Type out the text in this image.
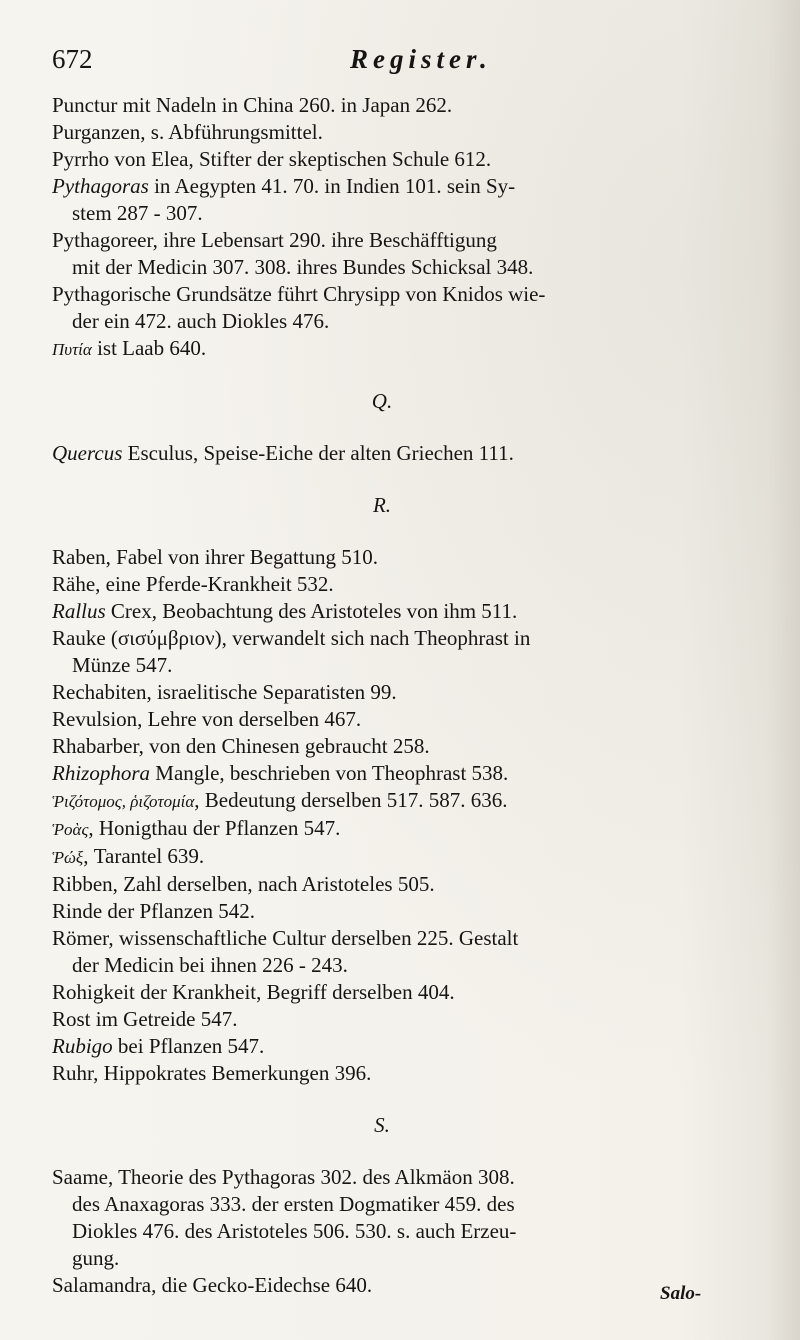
672	Register.

Punctur mit Nadeln in China 260. in Japan 262.

Purganzen, s. Abführungsmittel.

Pyrrho von Elea, Stifter der skeptischen Schule 612.

Pythagoras in Aegypten 41. 70. in Indien 101. sein Sy-
stem 287 - 307.

Pythagoreer, ihre Lebensart 290. ihre Beschäfftigung
mit der Medicin 307. 308. ihres Bundes Schicksal 348.

Pythagorische Grundsätze führt Chrysipp von Knidos wie-
der ein 472. auch Diokles 476.

Πυτία ist Laab 640.

Q.

Quercus Esculus, Speise-Eiche der alten Griechen 111.

R.

Raben, Fabel von ihrer Begattung 510.

Rähe, eine Pferde-Krankheit 532.

Rallus Crex, Beobachtung des Aristoteles von ihm 511.

Rauke (σισύμβριον), verwandelt sich nach Theophrast in
Münze 547.

Rechabiten, israelitische Separatisten 99.

Revulsion, Lehre von derselben 467.

Rhabarber, von den Chinesen gebraucht 258.

Rhizophora Mangle, beschrieben von Theophrast 538.

Ῥιζότομος, ῥιζοτομία, Bedeutung derselben 517. 587. 636.

Ῥοὰς, Honigthau der Pflanzen 547.

Ῥώξ, Tarantel 639.

Ribben, Zahl derselben, nach Aristoteles 505.

Rinde der Pflanzen 542.

Römer, wissenschaftliche Cultur derselben 225. Gestalt
der Medicin bei ihnen 226 - 243.

Rohigkeit der Krankheit, Begriff derselben 404.

Rost im Getreide 547.

Rubigo bei Pflanzen 547.

Ruhr, Hippokrates Bemerkungen 396.

S.

Saame, Theorie des Pythagoras 302. des Alkmäon 308.
des Anaxagoras 333. der ersten Dogmatiker 459. des
Diokles 476. des Aristoteles 506. 530. s. auch Erzeu-
gung.

Salamandra, die Gecko-Eidechse 640.	Salo-
